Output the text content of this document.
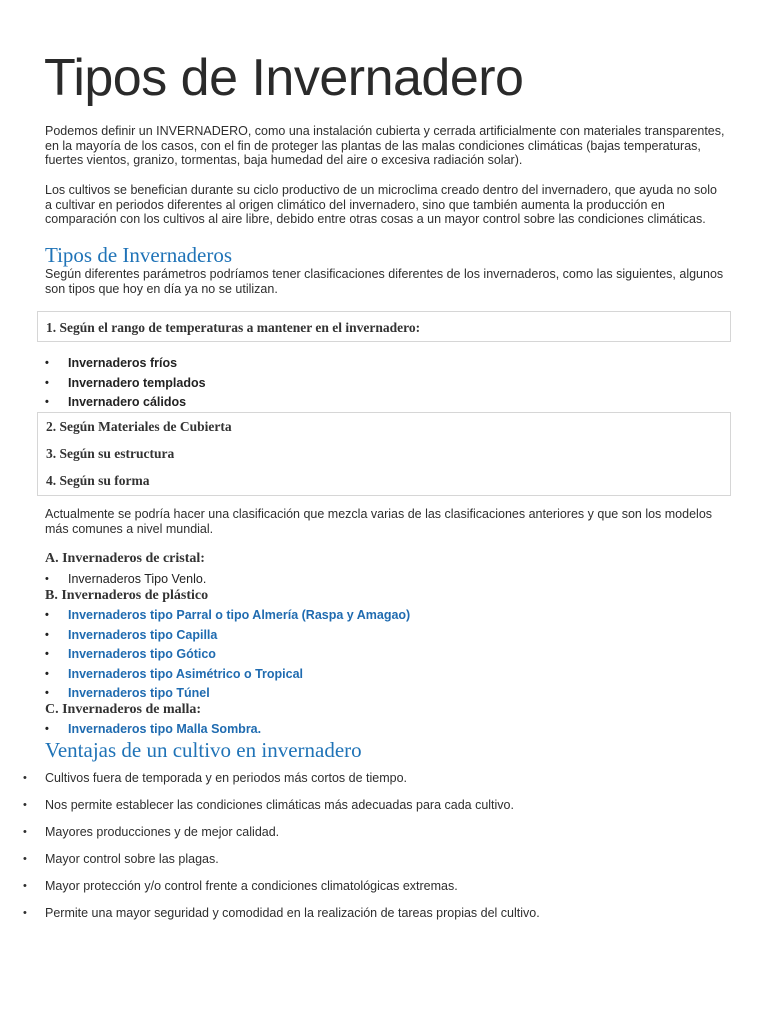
Tipos de Invernadero

Podemos definir un INVERNADERO, como una instalación cubierta y cerrada artificialmente con materiales transparentes, en la mayoría de los casos, con el fin de proteger las plantas de las malas condiciones climáticas (bajas temperaturas, fuertes vientos, granizo, tormentas, baja humedad del aire o excesiva radiación solar).

Los cultivos se benefician durante su ciclo productivo de un microclima creado dentro del invernadero, que ayuda no solo a cultivar en periodos diferentes al origen climático del invernadero, sino que también aumenta la producción en comparación con los cultivos al aire libre, debido entre otras cosas a un mayor control sobre las condiciones climáticas.

Tipos de Invernaderos

Según diferentes parámetros podríamos tener clasificaciones diferentes de los invernaderos, como las siguientes, algunos son tipos que hoy en día ya no se utilizan.

1. Según el rango de temperaturas a mantener en el invernadero:
• Invernaderos fríos
• Invernadero templados
• Invernadero cálidos
2. Según Materiales de Cubierta
3. Según su estructura
4. Según su forma

Actualmente se podría hacer una clasificación que mezcla varias de las clasificaciones anteriores y que son los modelos más comunes a nivel mundial.

A. Invernaderos de cristal:

• Invernaderos Tipo Venlo.

B. Invernaderos de plástico

• Invernaderos tipo Parral o tipo Almería (Raspa y Amagao)
• Invernaderos tipo Capilla
• Invernaderos tipo Gótico
• Invernaderos tipo Asimétrico o Tropical
• Invernaderos tipo Túnel

C. Invernaderos de malla:

• Invernaderos tipo Malla Sombra.
Ventajas de un cultivo en invernadero
• Cultivos fuera de temporada y en periodos más cortos de tiempo.
• Nos permite establecer las condiciones climáticas más adecuadas para cada cultivo.
• Mayores producciones y de mejor calidad.
• Mayor control sobre las plagas.
• Mayor protección y/o control frente a condiciones climatológicas extremas.
• Permite una mayor seguridad y comodidad en la realización de tareas propias del cultivo.
